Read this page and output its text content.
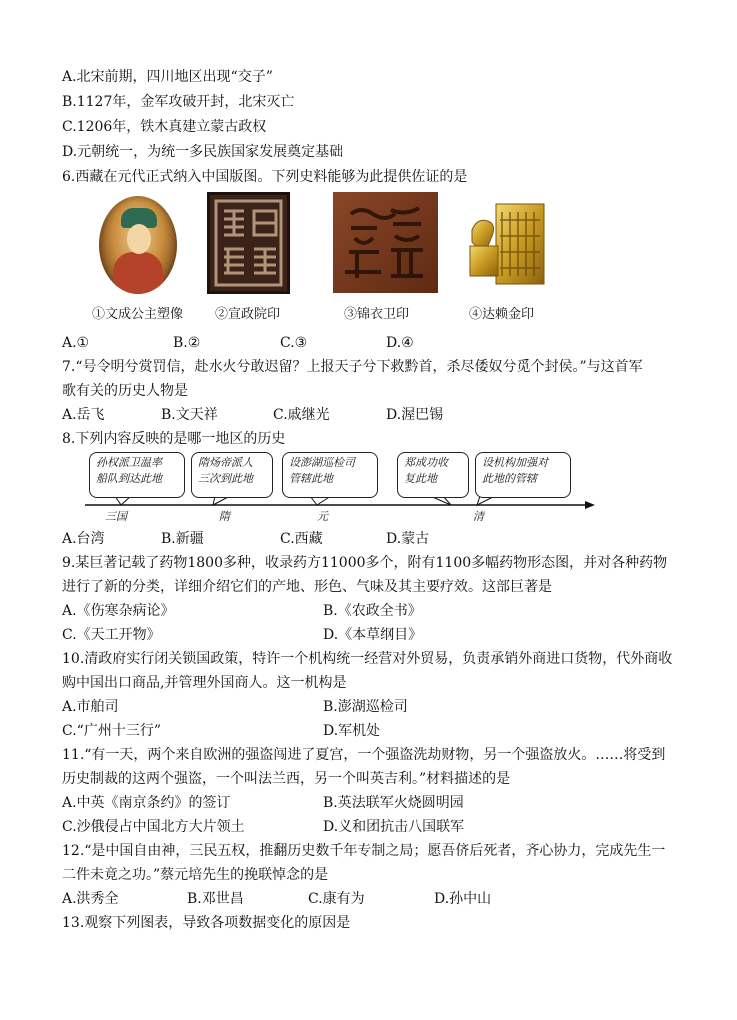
A.北宋前期，四川地区出现“交子”
B.1127年，金军攻破开封，北宋灭亡
C.1206年，铁木真建立蒙古政权
D.元朝统一，为统一多民族国家发展奠定基础
6.西藏在元代正式纳入中国版图。下列史料能够为此提供佐证的是
①文成公主塑像 ②宣政院印	③锦衣卫印	④达赖金印
A.①	B.②	C.③	D.④
7.“号令明兮赏罚信，赴水火兮敢迟留？上报天子兮下救黔首，杀尽倭奴兮觅个封侯。”与这首军
歌有关的历史人物是
A.岳飞	B.文天祥	C.戚继光	D.渥巴锡
8.下列内容反映的是哪一地区的历史
孙权派卫温率
船队到达此地
隋炀帝派人
三次到此地
设澎湖巡检司
管辖此地
郑成功收
复此地
设机构加强对
此地的管辖
三国	隋	元	清
A.台湾	B.新疆	C.西藏	D.蒙古
9.某巨著记载了药物1800多种，收录药方11000多个，附有1100多幅药物形态图，并对各种药物
进行了新的分类，详细介绍它们的产地、形色、气味及其主要疗效。这部巨著是
A.《伤寒杂病论》	B.《农政全书》
C.《天工开物》	D.《本草纲目》
10.清政府实行闭关锁国政策，特许一个机构统一经营对外贸易，负责承销外商进口货物，代外商收
购中国出口商品,并管理外国商人。这一机构是
A.市舶司	B.澎湖巡检司
C.“广州十三行”	D.军机处
11.“有一天，两个来自欧洲的强盗闯进了夏宫，一个强盗洗劫财物，另一个强盗放火。……将受到
历史制裁的这两个强盗，一个叫法兰西，另一个叫英吉利。”材料描述的是
A.中英《南京条约》的签订	B.英法联军火烧圆明园
C.沙俄侵占中国北方大片领土	D.义和团抗击八国联军
12.“是中国自由神，三民五权，推翻历史数千年专制之局；愿吾侪后死者，齐心协力，完成先生一
二件未竟之功。”蔡元培先生的挽联悼念的是
A.洪秀全	B.邓世昌	C.康有为	D.孙中山
13.观察下列图表，导致各项数据变化的原因是
